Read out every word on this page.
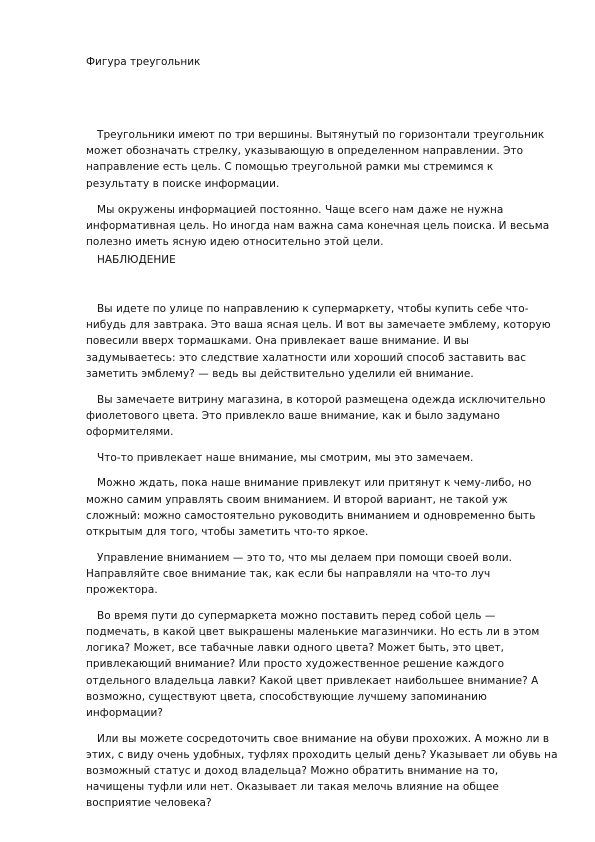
Фигура треугольник

Треугольники имеют по три вершины. Вытянутый по горизонтали треугольник может обозначать стрелку, указывающую в определенном направлении. Это направление есть цель. С помощью треугольной рамки мы стремимся к результату в поиске информации.

Мы окружены информацией постоянно. Чаще всего нам даже не нужна информативная цель. Но иногда нам важна сама конечная цель поиска. И весьма полезно иметь ясную идею относительно этой цели.

НАБЛЮДЕНИЕ

Вы идете по улице по направлению к супермаркету, чтобы купить себе что-нибудь для завтрака. Это ваша ясная цель. И вот вы замечаете эмблему, которую повесили вверх тормашками. Она привлекает ваше внимание. И вы задумываетесь: это следствие халатности или хороший способ заставить вас заметить эмблему? — ведь вы действительно уделили ей внимание.

Вы замечаете витрину магазина, в которой размещена одежда исключительно фиолетового цвета. Это привлекло ваше внимание, как и было задумано оформителями.

Что-то привлекает наше внимание, мы смотрим, мы это замечаем.

Можно ждать, пока наше внимание привлекут или притянут к чему-либо, но можно самим управлять своим вниманием. И второй вариант, не такой уж сложный: можно самостоятельно руководить вниманием и одновременно быть открытым для того, чтобы заметить что-то яркое.

Управление вниманием — это то, что мы делаем при помощи своей воли. Направляйте свое внимание так, как если бы направляли на что-то луч прожектора.

Во время пути до супермаркета можно поставить перед собой цель — подмечать, в какой цвет выкрашены маленькие магазинчики. Но есть ли в этом логика? Может, все табачные лавки одного цвета? Может быть, это цвет, привлекающий внимание? Или просто художественное решение каждого отдельного владельца лавки? Какой цвет привлекает наибольшее внимание? А возможно, существуют цвета, способствующие лучшему запоминанию информации?

Или вы можете сосредоточить свое внимание на обуви прохожих. А можно ли в этих, с виду очень удобных, туфлях проходить целый день? Указывает ли обувь на возможный статус и доход владельца? Можно обратить внимание на то, начищены туфли или нет. Оказывает ли такая мелочь влияние на общее восприятие человека?
